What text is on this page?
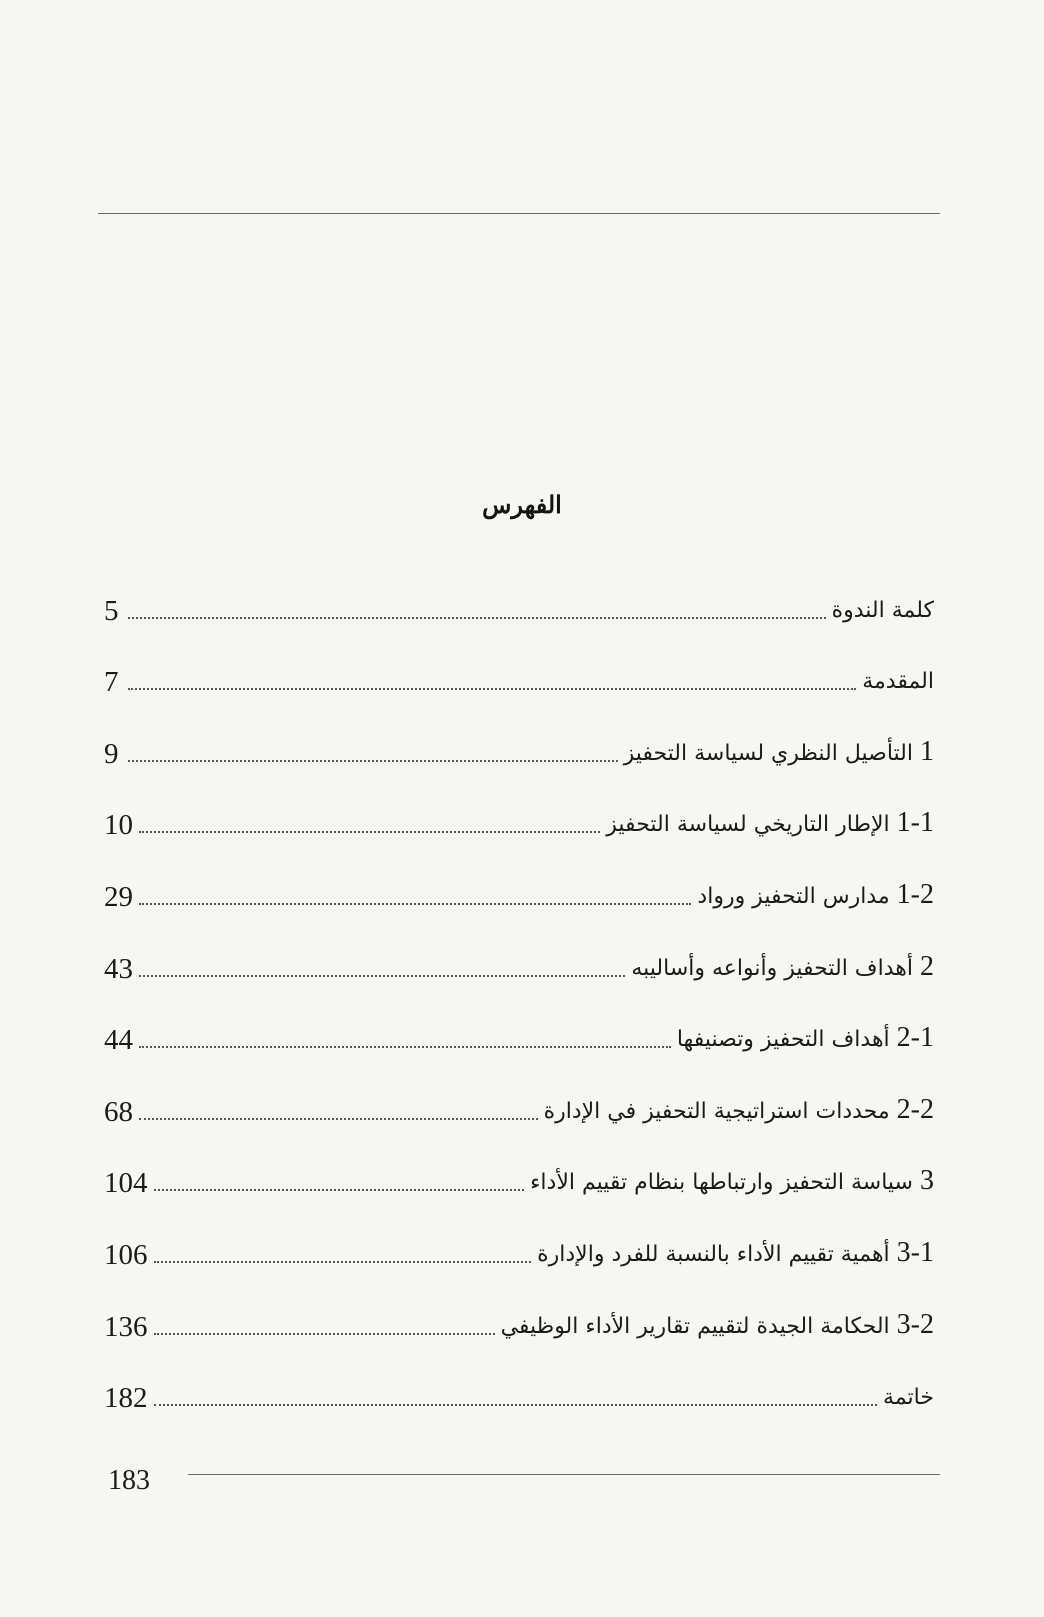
الفهرس
5	كلمة الندوة
7	المقدمة
9	1 التأصيل النظري لسياسة التحفيز
10	1-1 الإطار التاريخي لسياسة التحفيز
29	1-2 مدارس التحفيز ورواد
43	2 أهداف التحفيز وأنواعه وأساليبه
44	2-1 أهداف التحفيز وتصنيفها
68	2-2 محددات استراتيجية التحفيز في الإدارة
104	3 سياسة التحفيز وارتباطها بنظام تقييم الأداء
106	3-1 أهمية تقييم الأداء بالنسبة للفرد والإدارة
136	3-2 الحكامة الجيدة لتقييم تقارير الأداء الوظيفي
182	خاتمة
183
